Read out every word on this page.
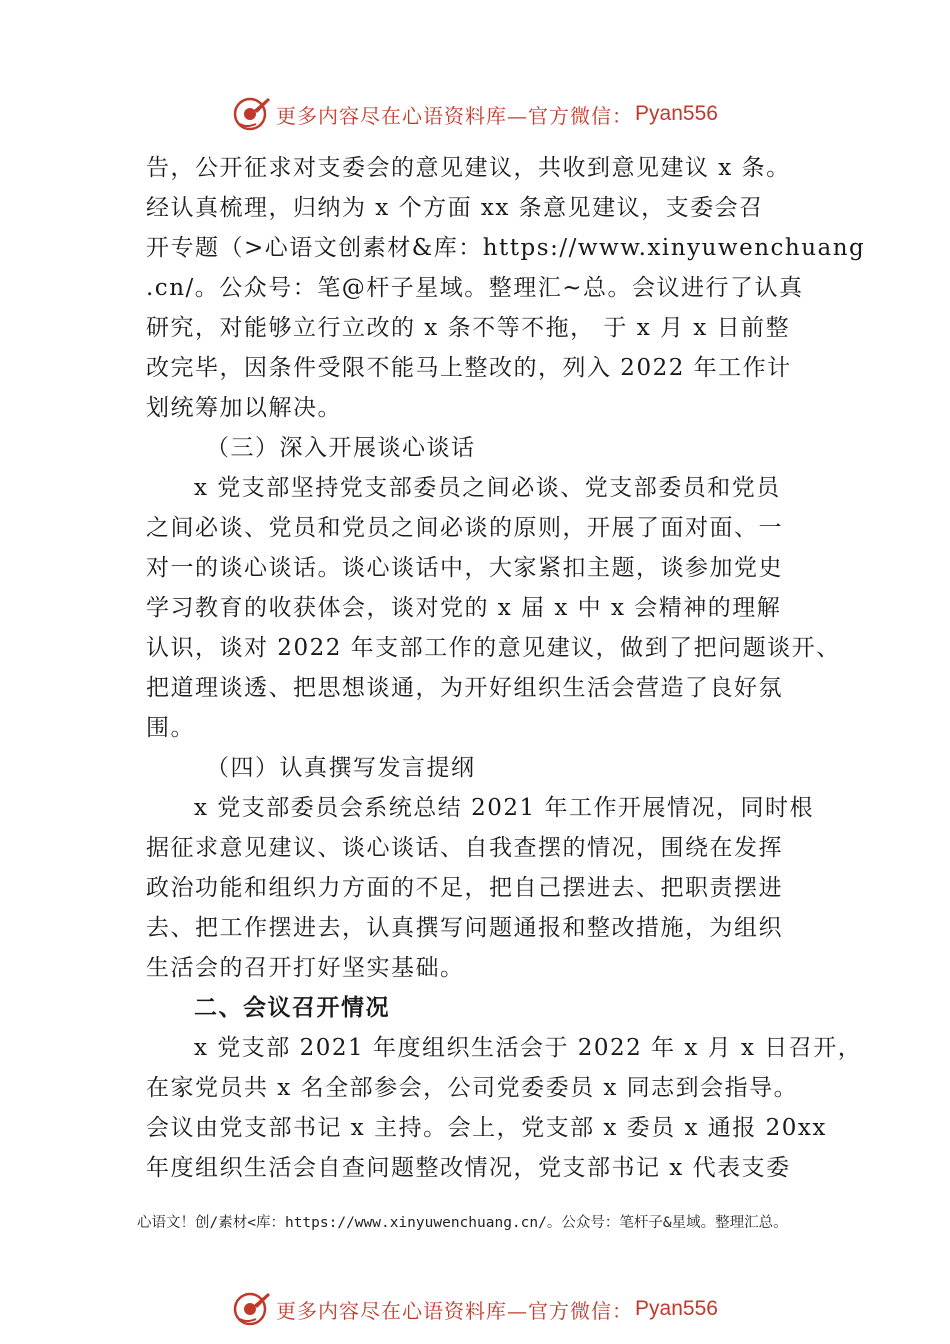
更多内容尽在心语资料库—官方微信： Pyan556
告，公开征求对支委会的意见建议，共收到意见建议 x 条。
经认真梳理，归纳为 x 个方面 xx 条意见建议，支委会召
开专题（>心语文创素材&库：https://www.xinyuwenchuang
.cn/。公众号：笔@杆子星域。整理汇~总。会议进行了认真
研究，对能够立行立改的 x 条不等不拖， 于 x 月 x 日前整
改完毕，因条件受限不能马上整改的，列入 2022 年工作计
划统筹加以解决。
（三）深入开展谈心谈话
x 党支部坚持党支部委员之间必谈、党支部委员和党员
之间必谈、党员和党员之间必谈的原则，开展了面对面、一
对一的谈心谈话。谈心谈话中，大家紧扣主题，谈参加党史
学习教育的收获体会，谈对党的 x 届 x 中 x 会精神的理解
认识，谈对 2022 年支部工作的意见建议，做到了把问题谈开、
把道理谈透、把思想谈通，为开好组织生活会营造了良好氛
围。
（四）认真撰写发言提纲
x 党支部委员会系统总结 2021 年工作开展情况，同时根
据征求意见建议、谈心谈话、自我查摆的情况，围绕在发挥
政治功能和组织力方面的不足，把自己摆进去、把职责摆进
去、把工作摆进去，认真撰写问题通报和整改措施，为组织
生活会的召开打好坚实基础。
二、会议召开情况
x 党支部 2021 年度组织生活会于 2022 年 x 月 x 日召开，
在家党员共 x 名全部参会，公司党委委员 x 同志到会指导。
会议由党支部书记 x 主持。会上，党支部 x 委员 x 通报 20xx
年度组织生活会自查问题整改情况，党支部书记 x 代表支委
心语文！创/素材<库：https://www.xinyuwenchuang.cn/。公众号：笔杆子&星域。整理汇总。
更多内容尽在心语资料库—官方微信： Pyan556
